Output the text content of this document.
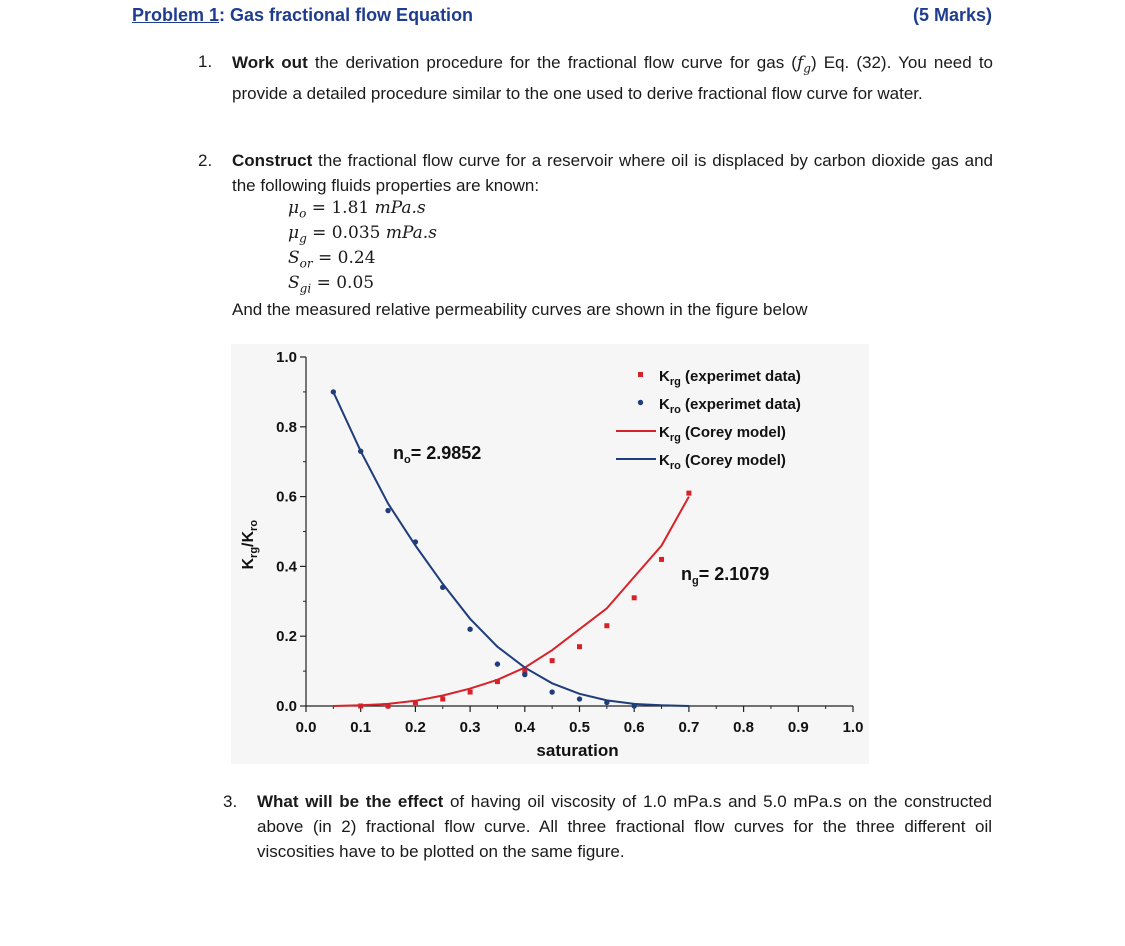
Problem 1: Gas fractional flow Equation	(5 Marks)
1. Work out the derivation procedure for the fractional flow curve for gas $(f_g)$ Eq. (32). You need to provide a detailed procedure similar to the one used to derive fractional flow curve for water.
2. Construct the fractional flow curve for a reservoir where oil is displaced by carbon dioxide gas and the following fluids properties are known:
$\mu_o = 1.81$ mPa.s
$\mu_g = 0.035$ mPa.s
$S_{or} = 0.24$
$S_{gi} = 0.05$
And the measured relative permeability curves are shown in the figure below
0.0
0.2
0.4
0.6
0.8
1.0
0.0 0.1 0.2 0.3 0.4 0.5 0.6 0.7 0.8 0.9 1.0
saturation
$K_{rg}/K_{ro}$
$K_{rg}$ (experimet data)
$K_{ro}$ (experimet data)
$K_{rg}$ (Corey model)
$K_{ro}$ (Corey model)
$n_o= 2.9852$
$n_g= 2.1079$
3. What will be the effect of having oil viscosity of 1.0 mPa.s and 5.0 mPa.s on the constructed above (in 2) fractional flow curve. All three fractional flow curves for the three different oil viscosities have to be plotted on the same figure.
